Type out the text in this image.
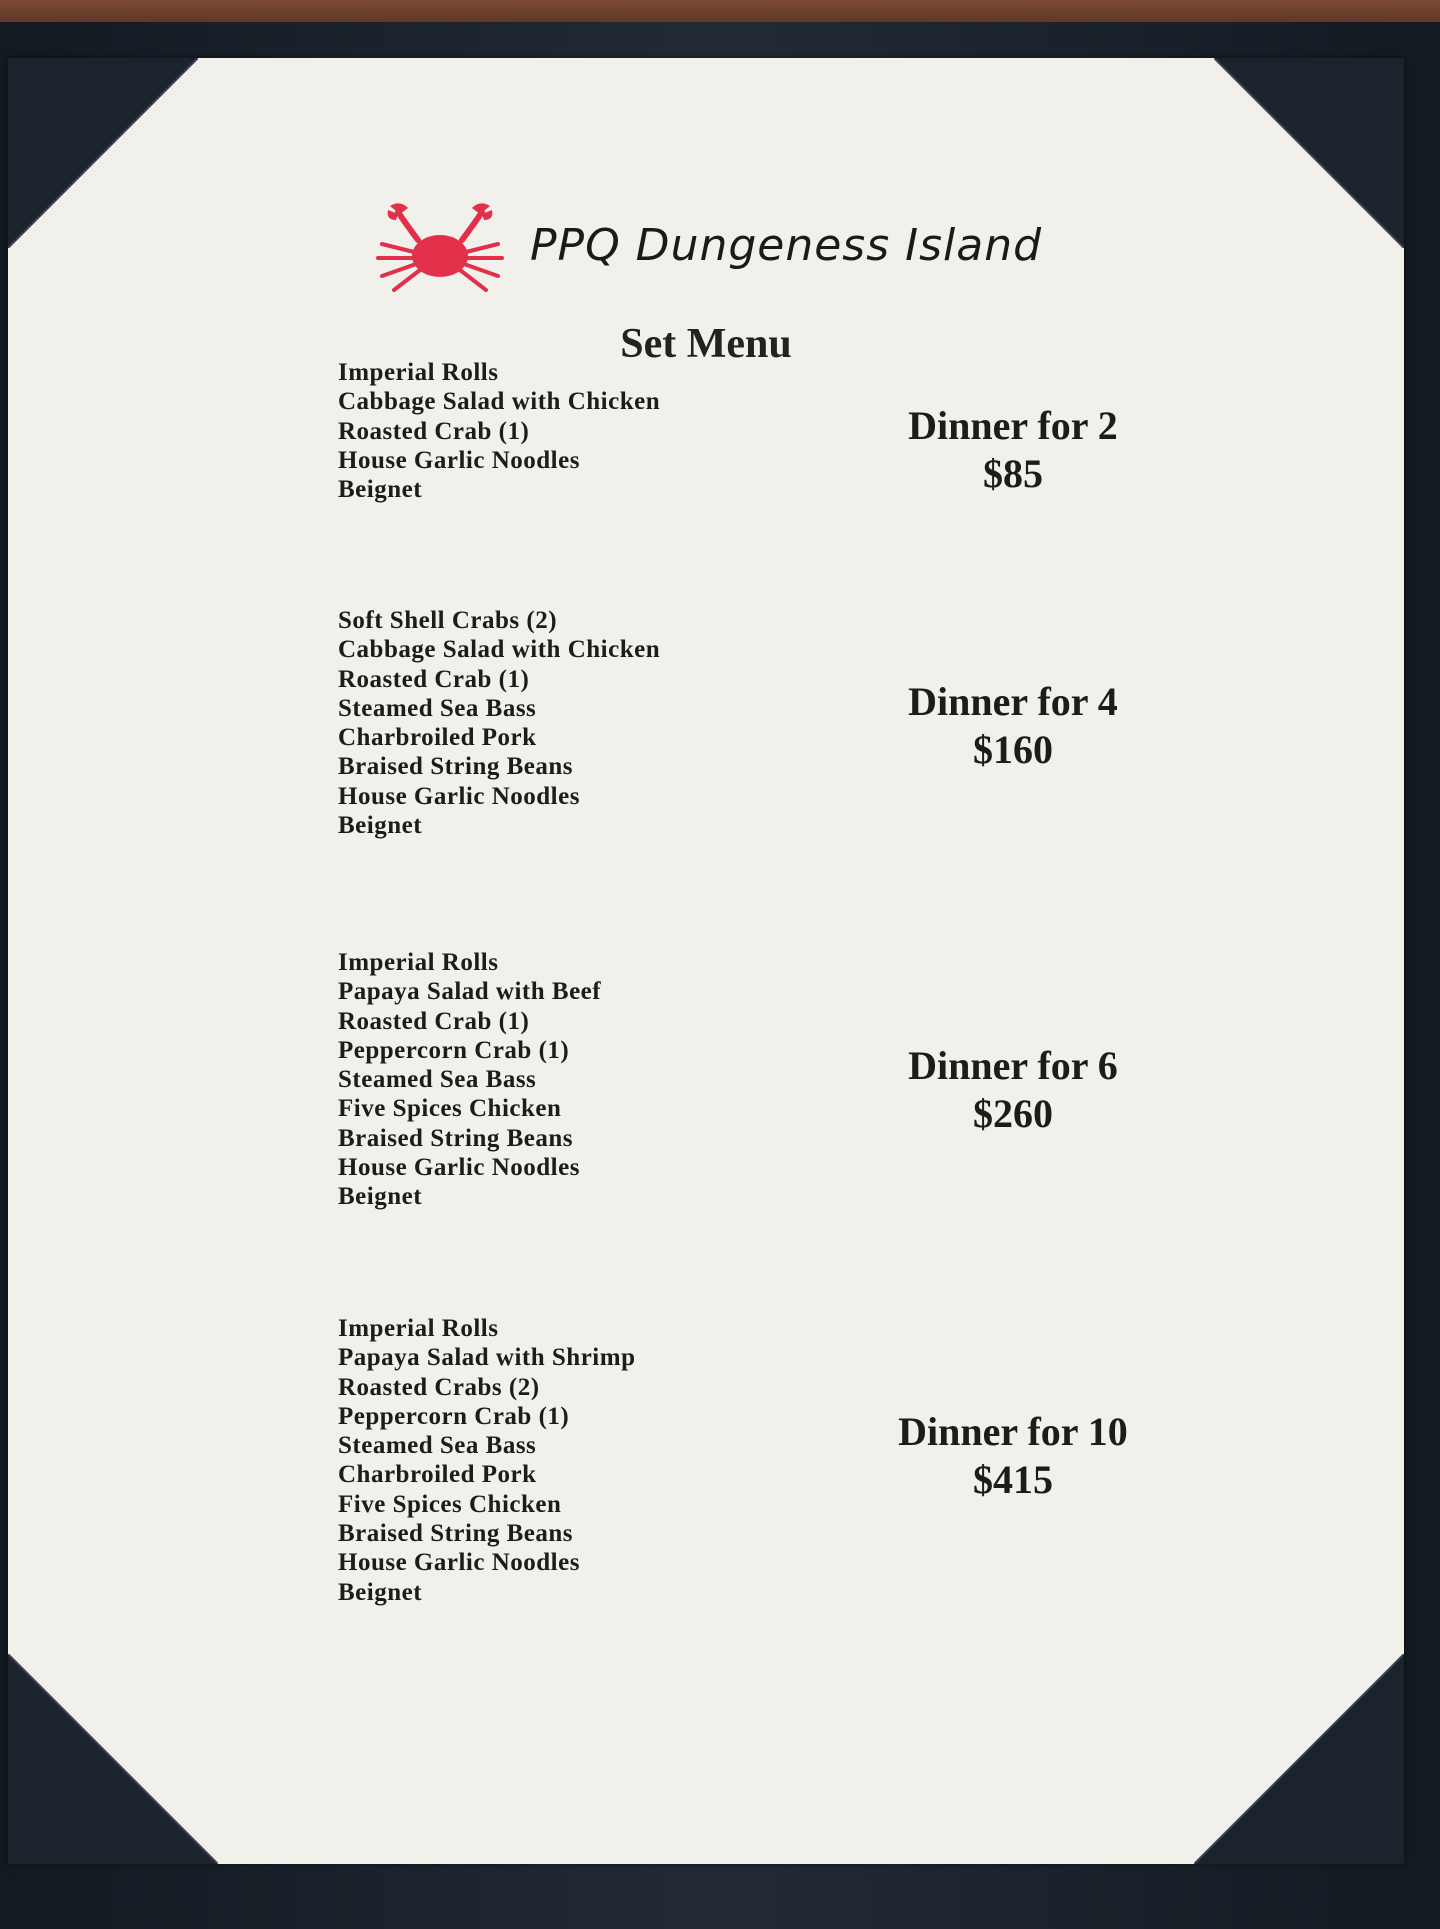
PPQ Dungeness Island
Set Menu
Imperial Rolls
Cabbage Salad with Chicken
Roasted Crab (1)
House Garlic Noodles
Beignet
Dinner for 2
$85
Soft Shell Crabs (2)
Cabbage Salad with Chicken
Roasted Crab (1)
Steamed Sea Bass
Charbroiled Pork
Braised String Beans
House Garlic Noodles
Beignet
Dinner for 4
$160
Imperial Rolls
Papaya Salad with Beef
Roasted Crab (1)
Peppercorn Crab (1)
Steamed Sea Bass
Five Spices Chicken
Braised String Beans
House Garlic Noodles
Beignet
Dinner for 6
$260
Imperial Rolls
Papaya Salad with Shrimp
Roasted Crabs (2)
Peppercorn Crab (1)
Steamed Sea Bass
Charbroiled Pork
Five Spices Chicken
Braised String Beans
House Garlic Noodles
Beignet
Dinner for 10
$415
